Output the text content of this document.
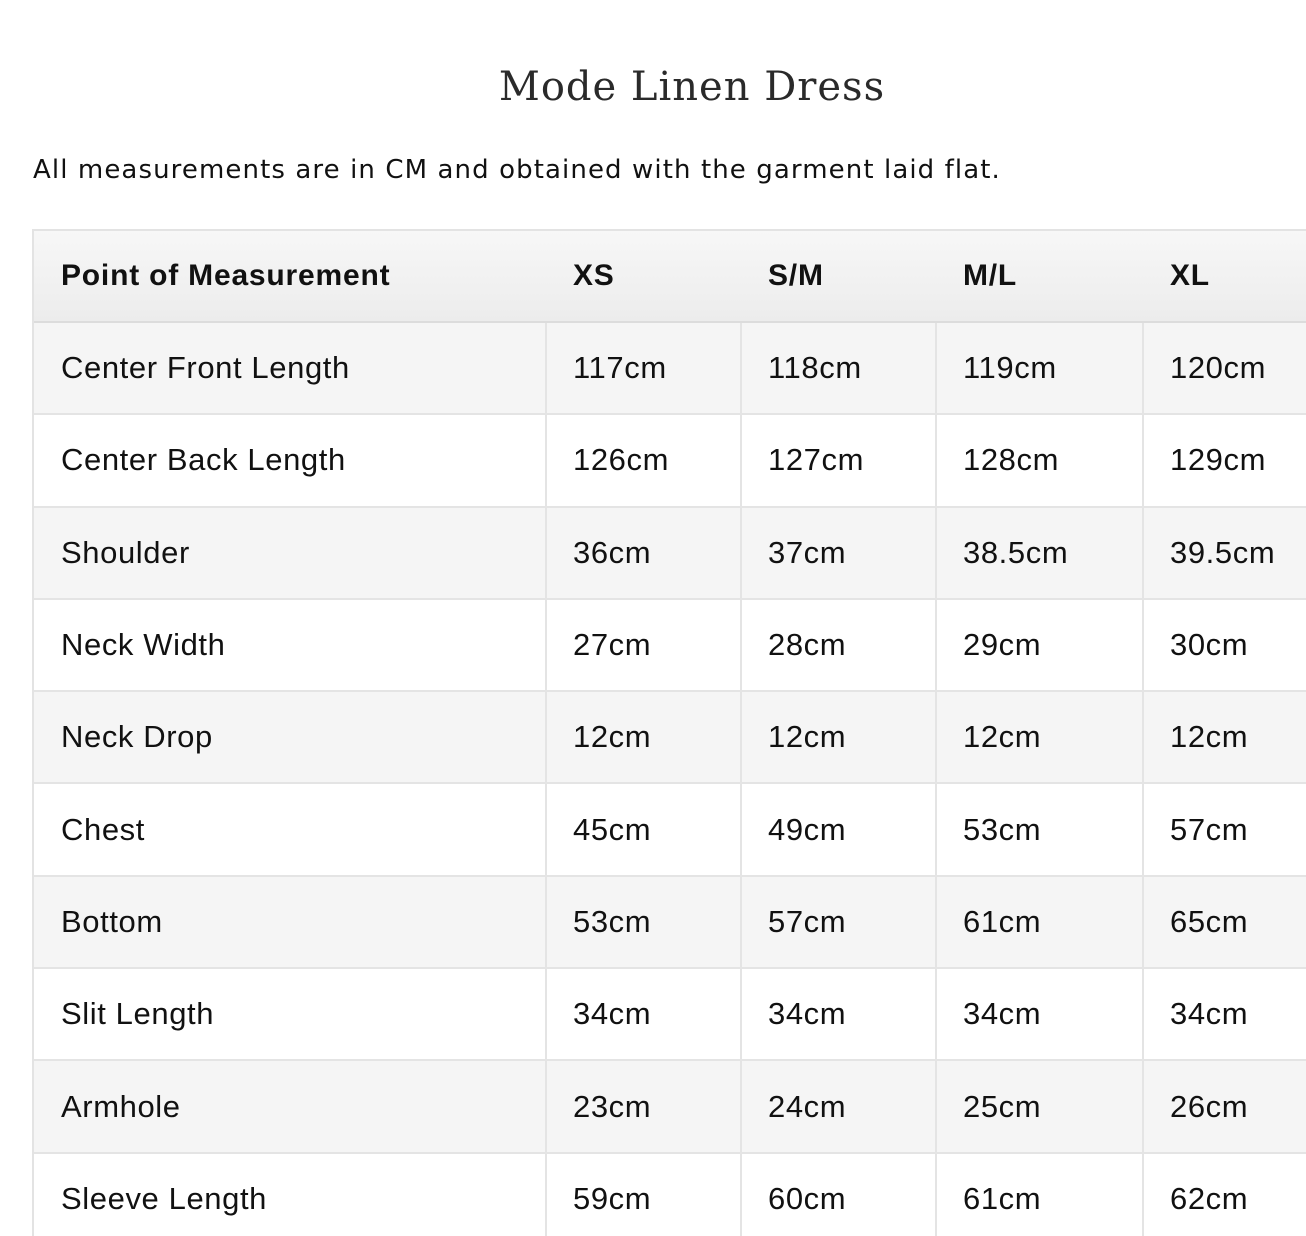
Mode Linen Dress

All measurements are in CM and obtained with the garment laid flat.

Point of Measurement	XS	S/M	M/L	XL
Center Front Length	117cm	118cm	119cm	120cm
Center Back Length	126cm	127cm	128cm	129cm
Shoulder	36cm	37cm	38.5cm	39.5cm
Neck Width	27cm	28cm	29cm	30cm
Neck Drop	12cm	12cm	12cm	12cm
Chest	45cm	49cm	53cm	57cm
Bottom	53cm	57cm	61cm	65cm
Slit Length	34cm	34cm	34cm	34cm
Armhole	23cm	24cm	25cm	26cm
Sleeve Length	59cm	60cm	61cm	62cm
